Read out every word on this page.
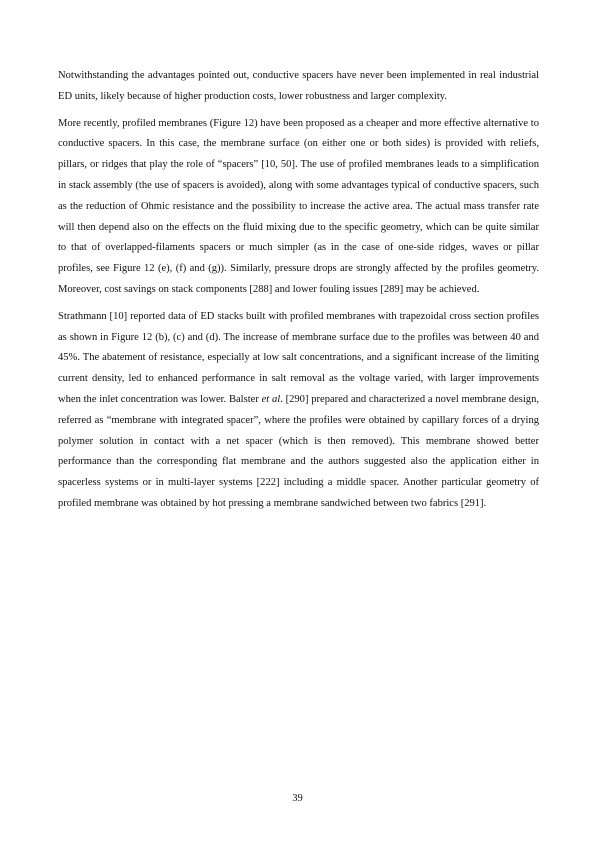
Notwithstanding the advantages pointed out, conductive spacers have never been implemented in real industrial ED units, likely because of higher production costs, lower robustness and larger complexity.

More recently, profiled membranes (Figure 12) have been proposed as a cheaper and more effective alternative to conductive spacers. In this case, the membrane surface (on either one or both sides) is provided with reliefs, pillars, or ridges that play the role of “spacers” [10, 50]. The use of profiled membranes leads to a simplification in stack assembly (the use of spacers is avoided), along with some advantages typical of conductive spacers, such as the reduction of Ohmic resistance and the possibility to increase the active area. The actual mass transfer rate will then depend also on the effects on the fluid mixing due to the specific geometry, which can be quite similar to that of overlapped-filaments spacers or much simpler (as in the case of one-side ridges, waves or pillar profiles, see Figure 12 (e), (f) and (g)). Similarly, pressure drops are strongly affected by the profiles geometry. Moreover, cost savings on stack components [288] and lower fouling issues [289] may be achieved.

Strathmann [10] reported data of ED stacks built with profiled membranes with trapezoidal cross section profiles as shown in Figure 12 (b), (c) and (d). The increase of membrane surface due to the profiles was between 40 and 45%. The abatement of resistance, especially at low salt concentrations, and a significant increase of the limiting current density, led to enhanced performance in salt removal as the voltage varied, with larger improvements when the inlet concentration was lower. Balster et al. [290] prepared and characterized a novel membrane design, referred as “membrane with integrated spacer”, where the profiles were obtained by capillary forces of a drying polymer solution in contact with a net spacer (which is then removed). This membrane showed better performance than the corresponding flat membrane and the authors suggested also the application either in spacerless systems or in multi-layer systems [222] including a middle spacer. Another particular geometry of profiled membrane was obtained by hot pressing a membrane sandwiched between two fabrics [291].

39
